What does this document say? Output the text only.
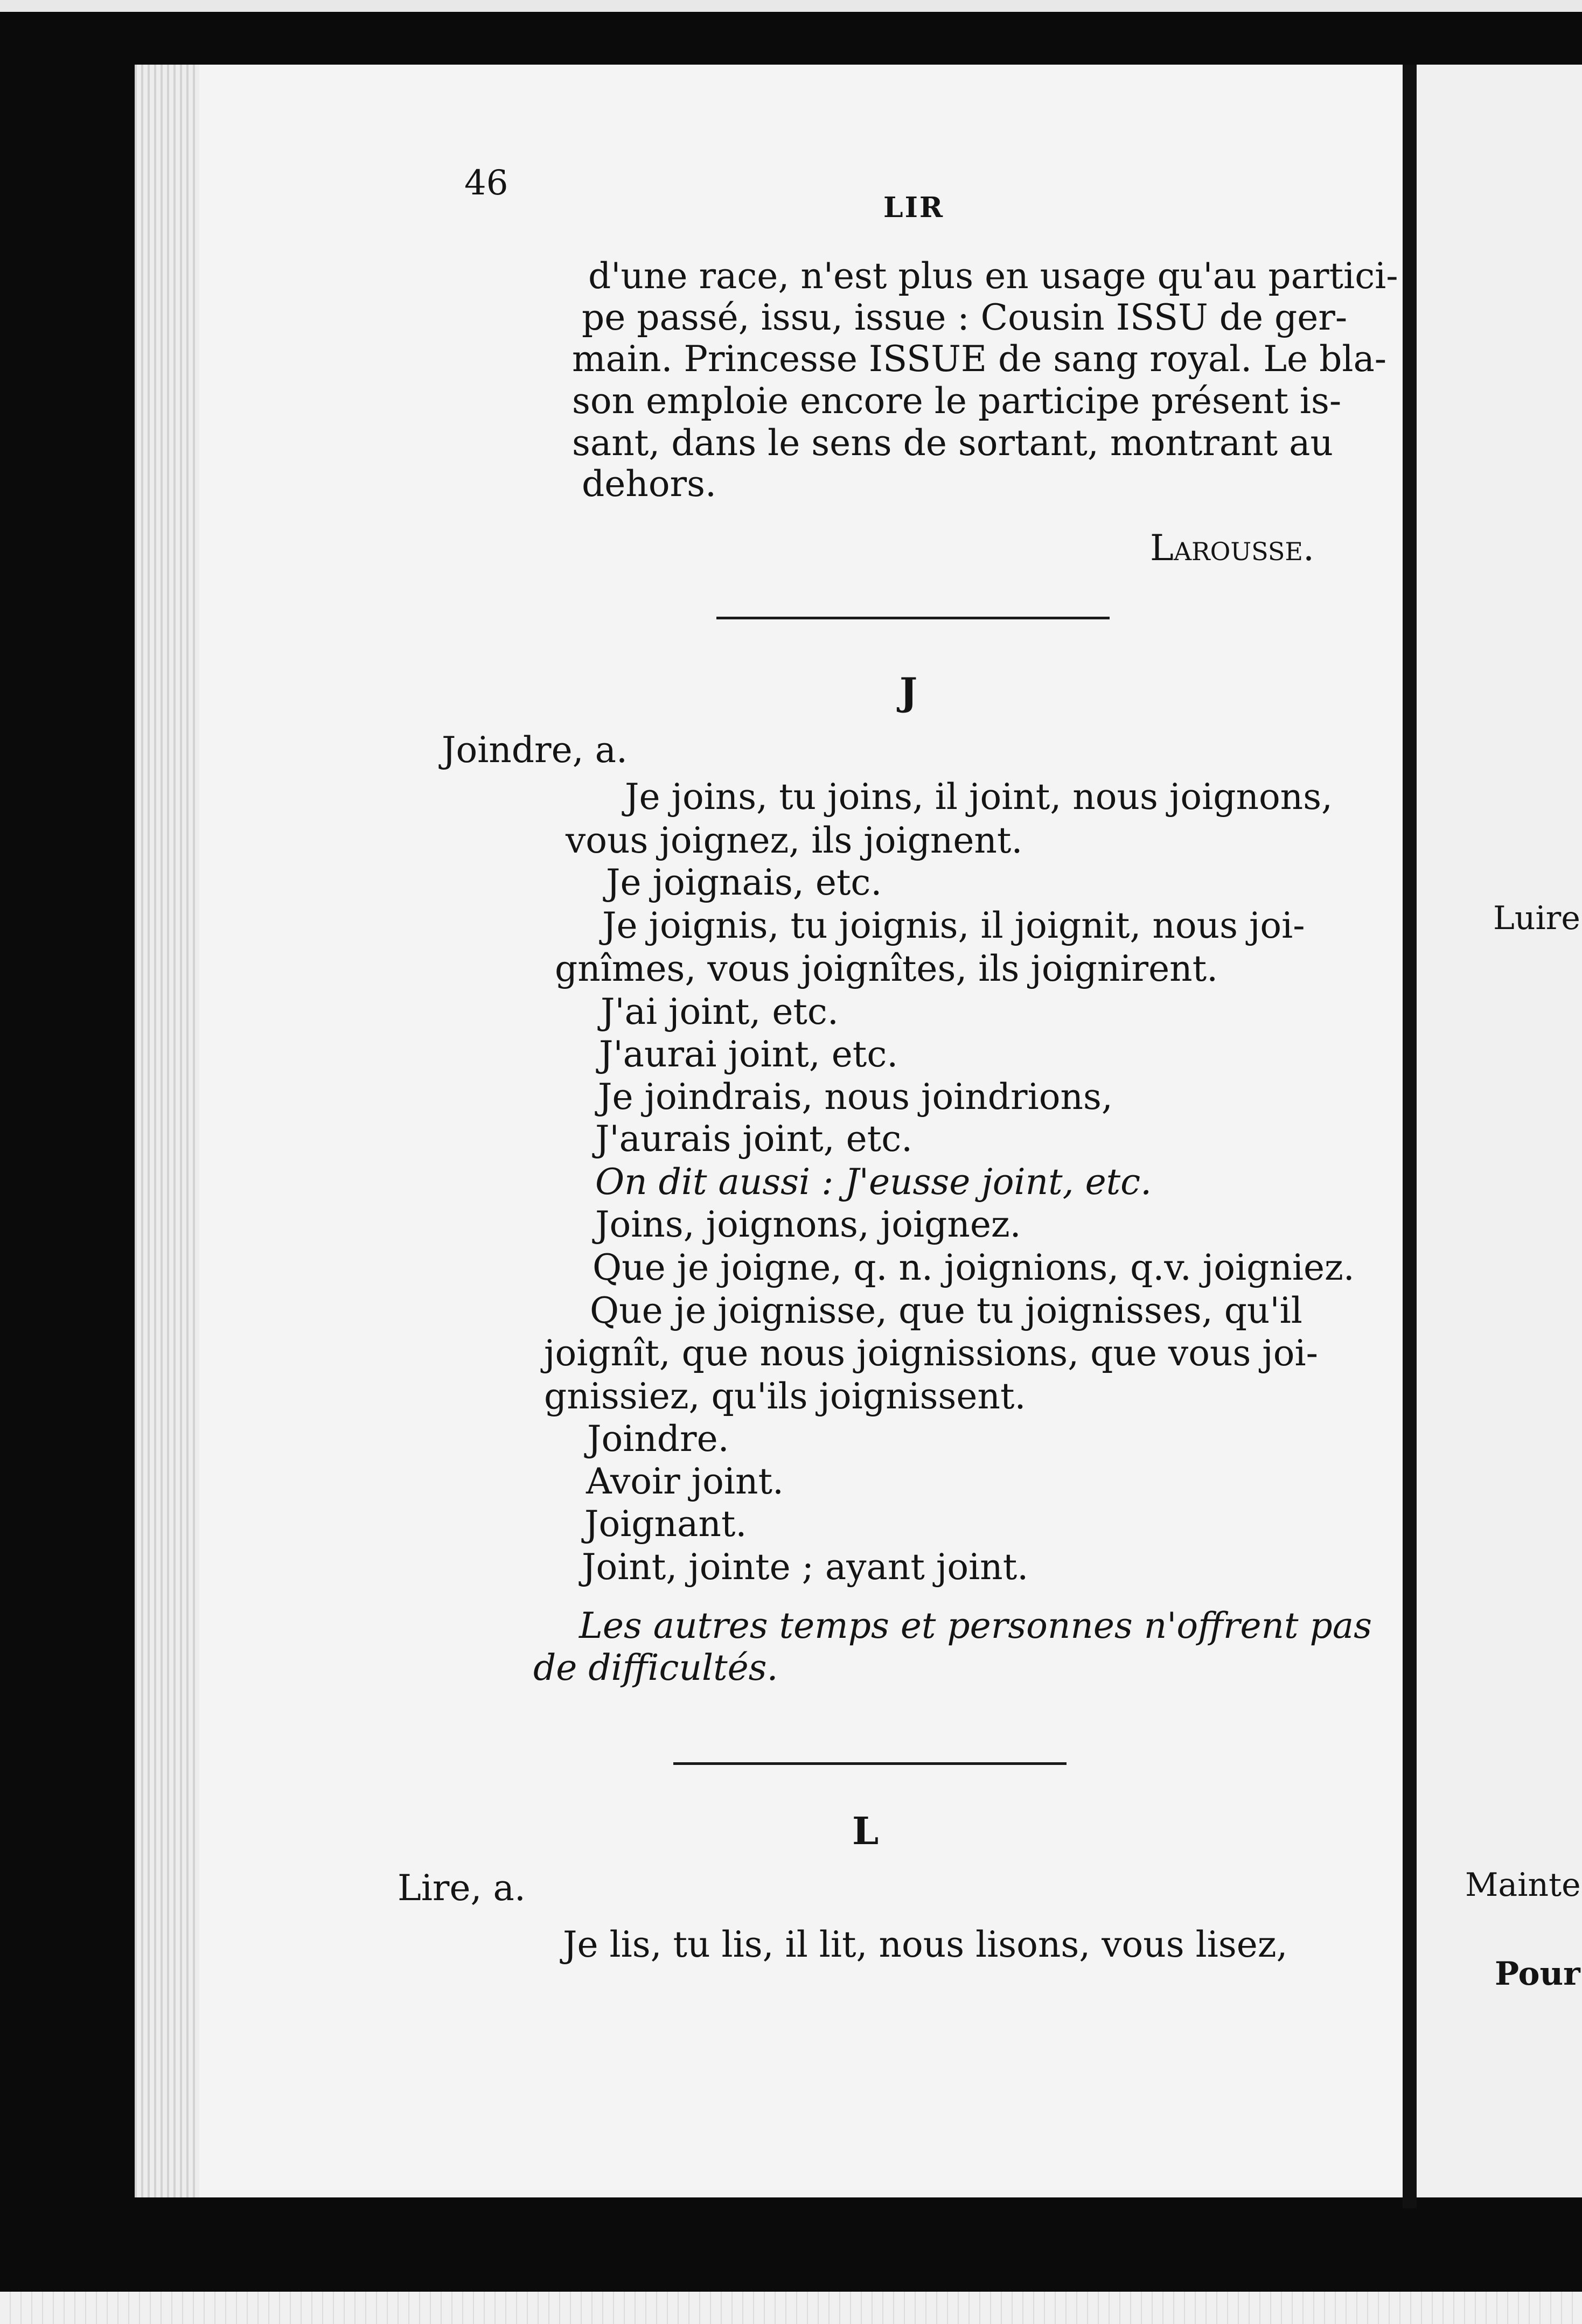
46
LIR
d'une race, n'est plus en usage qu'au partici-
pe passé, issu, issue : Cousin ISSU de ger-
main. Princesse ISSUE de sang royal. Le bla-
son emploie encore le participe présent is-
sant, dans le sens de sortant, montrant au
dehors.
Larousse.
J
Joindre, a.
Je joins, tu joins, il joint, nous joignons,
vous joignez, ils joignent.
Je joignais, etc.
Je joignis, tu joignis, il joignit, nous joi-
gnîmes, vous joignîtes, ils joignirent.
J'ai joint, etc.
J'aurai joint, etc.
Je joindrais, nous joindrions,
J'aurais joint, etc.
On dit aussi : J'eusse joint, etc.
Joins, joignons, joignez.
Que je joigne, q. n. joignions, q.v. joigniez.
Que je joignisse, que tu joignisses, qu'il
joignît, que nous joignissions, que vous joi-
gnissiez, qu'ils joignissent.
Joindre.
Avoir joint.
Joignant.
Joint, jointe ; ayant joint.
Les autres temps et personnes n'offrent pas
de difficultés.
L
Lire, a.
Je lis, tu lis, il lit, nous lisons, vous lisez,
Luire
Mainte
Pour
